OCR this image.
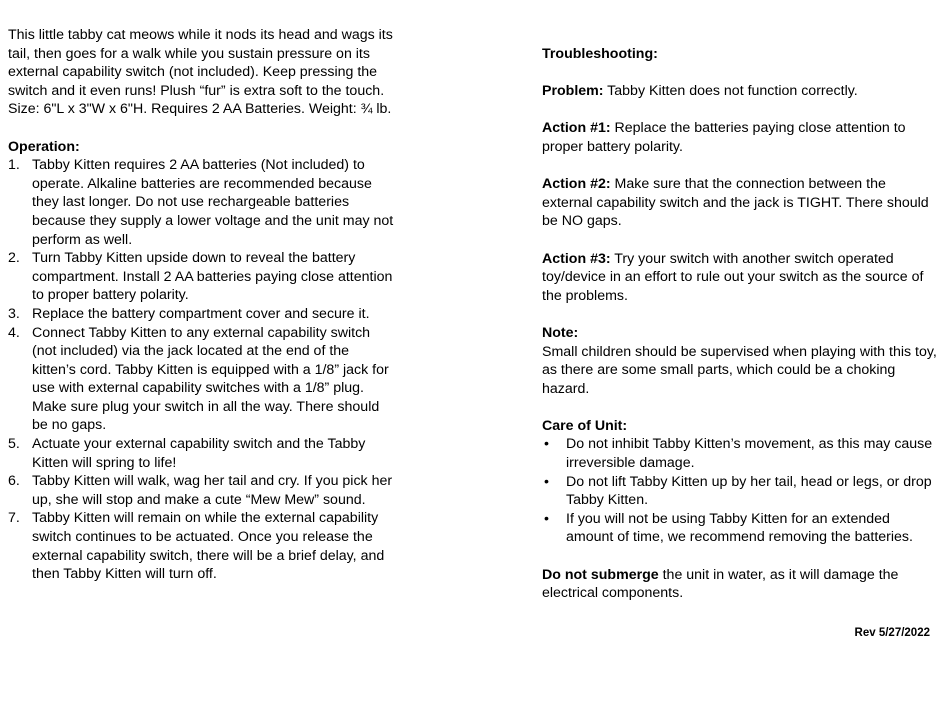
This little tabby cat meows while it nods its head and wags its tail, then goes for a walk while you sustain pressure on its external capability switch (not included). Keep pressing the switch and it even runs! Plush “fur” is extra soft to the touch. Size: 6"L x 3"W x 6"H. Requires 2 AA Batteries. Weight: ¾ lb.

Operation:

1. Tabby Kitten requires 2 AA batteries (Not included) to operate. Alkaline batteries are recommended because they last longer. Do not use rechargeable batteries because they supply a lower voltage and the unit may not perform as well.
2. Turn Tabby Kitten upside down to reveal the battery compartment. Install 2 AA batteries paying close attention to proper battery polarity.
3. Replace the battery compartment cover and secure it.
4. Connect Tabby Kitten to any external capability switch (not included) via the jack located at the end of the kitten’s cord. Tabby Kitten is equipped with a 1/8” jack for use with external capability switches with a 1/8” plug. Make sure plug your switch in all the way. There should be no gaps.
5. Actuate your external capability switch and the Tabby Kitten will spring to life!
6. Tabby Kitten will walk, wag her tail and cry. If you pick her up, she will stop and make a cute “Mew Mew” sound.
7. Tabby Kitten will remain on while the external capability switch continues to be actuated. Once you release the external capability switch, there will be a brief delay, and then Tabby Kitten will turn off.

Troubleshooting:

Problem: Tabby Kitten does not function correctly.

Action #1: Replace the batteries paying close attention to proper battery polarity.

Action #2: Make sure that the connection between the external capability switch and the jack is TIGHT. There should be NO gaps.

Action #3: Try your switch with another switch operated toy/device in an effort to rule out your switch as the source of the problems.

Note:

Small children should be supervised when playing with this toy, as there are some small parts, which could be a choking hazard.

Care of Unit:

• Do not inhibit Tabby Kitten’s movement, as this may cause irreversible damage.
• Do not lift Tabby Kitten up by her tail, head or legs, or drop Tabby Kitten.
• If you will not be using Tabby Kitten for an extended amount of time, we recommend removing the batteries.

Do not submerge the unit in water, as it will damage the electrical components.

Rev 5/27/2022
